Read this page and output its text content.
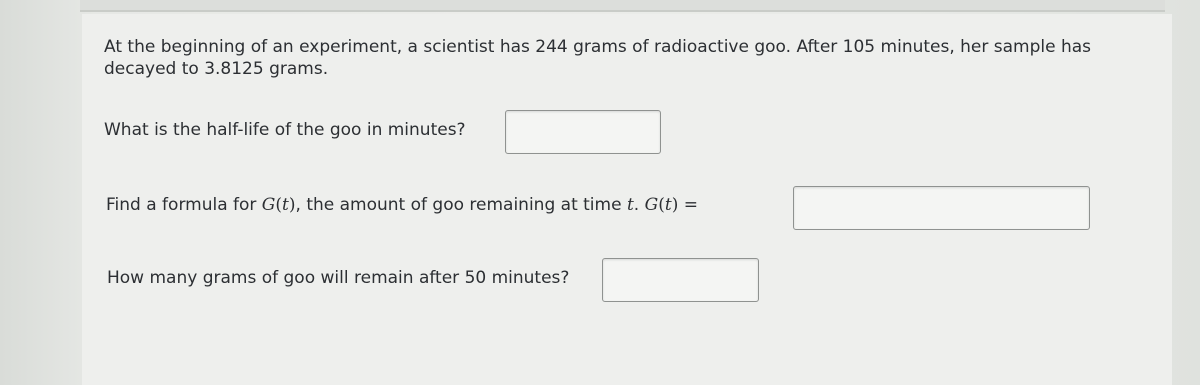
At the beginning of an experiment, a scientist has 244 grams of radioactive goo. After 105 minutes, her sample has decayed to 3.8125 grams.

What is the half-life of the goo in minutes?

Find a formula for G(t), the amount of goo remaining at time t. G(t) =

How many grams of goo will remain after 50 minutes?
